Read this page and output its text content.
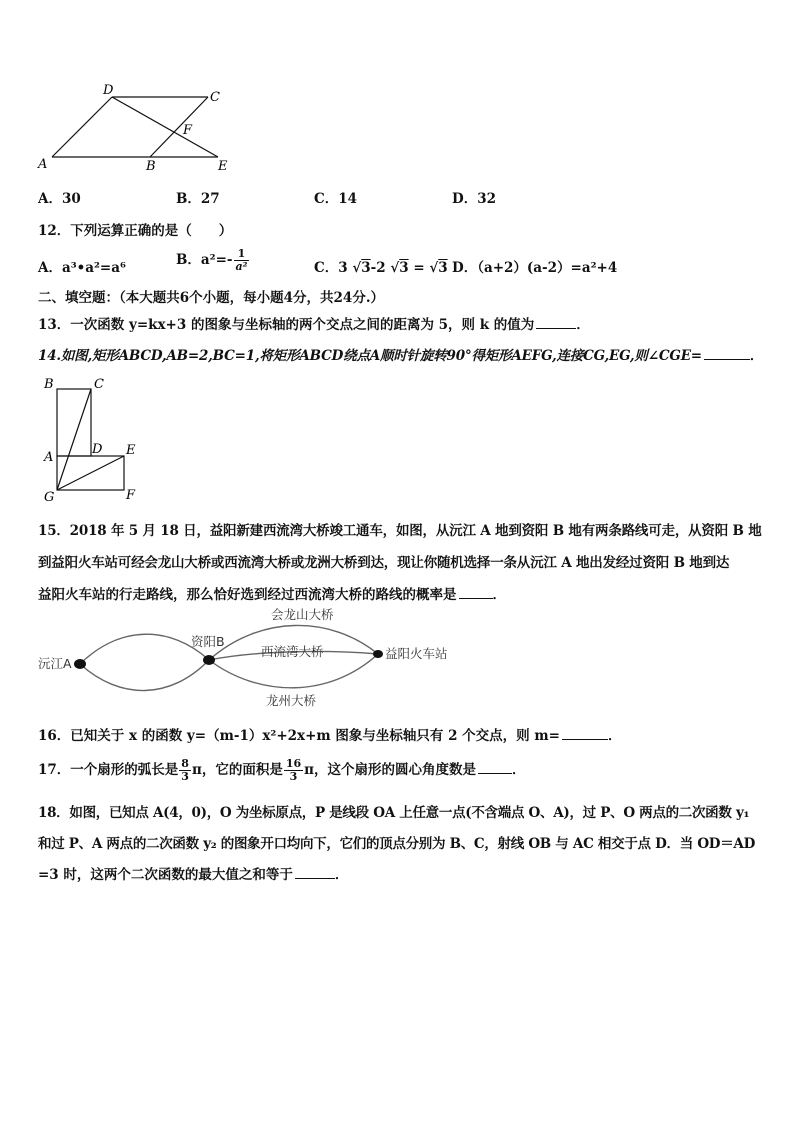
D	C
F
A	B	E
A．30	B．27	C．14	D．32
12．下列运算正确的是（　　）
A．a³•a²=a⁶	B．$a^2=- \frac{1}{\text{a²}}$	C．3 √3-2 √3 = √3 D．（a+2）(a-2）=a²+4
二、填空题：（本大题共6个小题，每小题4分，共24分.）
13．一次函数 y=kx+3 的图象与坐标轴的两个交点之间的距离为 5，则 k 的值为	．
14.如图,矩形ABCD,AB=2,BC=1,将矩形ABCD绕点A顺时针旋转90°得矩形AEFG,连接CG,EG,则∠CGE=	．
B	C
A
D E
G	F
15．2018 年 5 月 18 日，益阳新建西流湾大桥竣工通车，如图，从沅江 A 地到资阳 B 地有两条路线可走，从资阳 B 地
到益阳火车站可经会龙山大桥或西流湾大桥或龙洲大桥到达，现让你随机选择一条从沅江 A 地出发经过资阳 B 地到达
益阳火车站的行走路线，那么恰好选到经过西流湾大桥的路线的概率是	．
会龙山大桥
资阳B
西流湾大桥	益阳火车站
沅江A
龙州大桥
16．已知关于 x 的函数 y=（m-1）x²+2x+m 图象与坐标轴只有 2 个交点，则 m=	．
17．一个扇形的弧长是 $\frac{8}{3}$ π，它的面积是 $\frac{16}{3}$ π，这个扇形的圆心角度数是	．
18．如图，已知点 A(4，0)，O 为坐标原点，P 是线段 OA 上任意一点(不含端点 O、A)，过 P、O 两点的二次函数 y₁
和过 P、A 两点的二次函数 y₂ 的图象开口均向下，它们的顶点分别为 B、C，射线 OB 与 AC 相交于点 D．当 OD＝AD
=3 时，这两个二次函数的最大值之和等于	．
